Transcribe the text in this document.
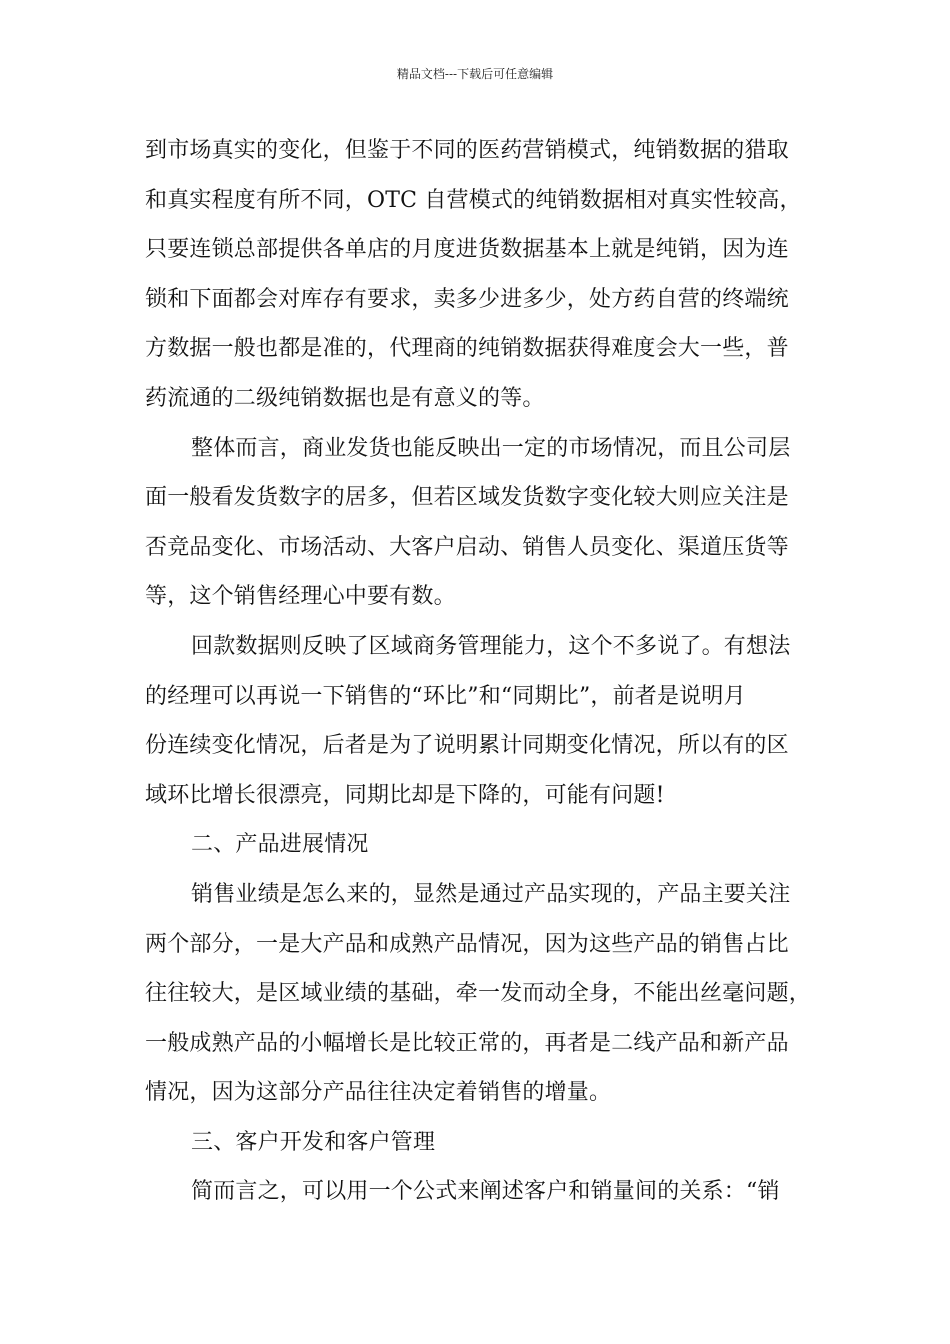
精品文档---下载后可任意编辑
到市场真实的变化，但鉴于不同的医药营销模式，纯销数据的猎取
和真实程度有所不同，OTC 自营模式的纯销数据相对真实性较高，
只要连锁总部提供各单店的月度进货数据基本上就是纯销，因为连
锁和下面都会对库存有要求，卖多少进多少，处方药自营的终端统
方数据一般也都是准的，代理商的纯销数据获得难度会大一些，普
药流通的二级纯销数据也是有意义的等。
整体而言，商业发货也能反映出一定的市场情况，而且公司层
面一般看发货数字的居多，但若区域发货数字变化较大则应关注是
否竞品变化、市场活动、大客户启动、销售人员变化、渠道压货等
等，这个销售经理心中要有数。
回款数据则反映了区域商务管理能力，这个不多说了。有想法
的经理可以再说一下销售的“环比”和“同期比”，前者是说明月
份连续变化情况，后者是为了说明累计同期变化情况，所以有的区
域环比增长很漂亮，同期比却是下降的，可能有问题!
二、产品进展情况
销售业绩是怎么来的，显然是通过产品实现的，产品主要关注
两个部分，一是大产品和成熟产品情况，因为这些产品的销售占比
往往较大，是区域业绩的基础，牵一发而动全身，不能出丝毫问题，
一般成熟产品的小幅增长是比较正常的，再者是二线产品和新产品
情况，因为这部分产品往往决定着销售的增量。
三、客户开发和客户管理
简而言之，可以用一个公式来阐述客户和销量间的关系：“销
